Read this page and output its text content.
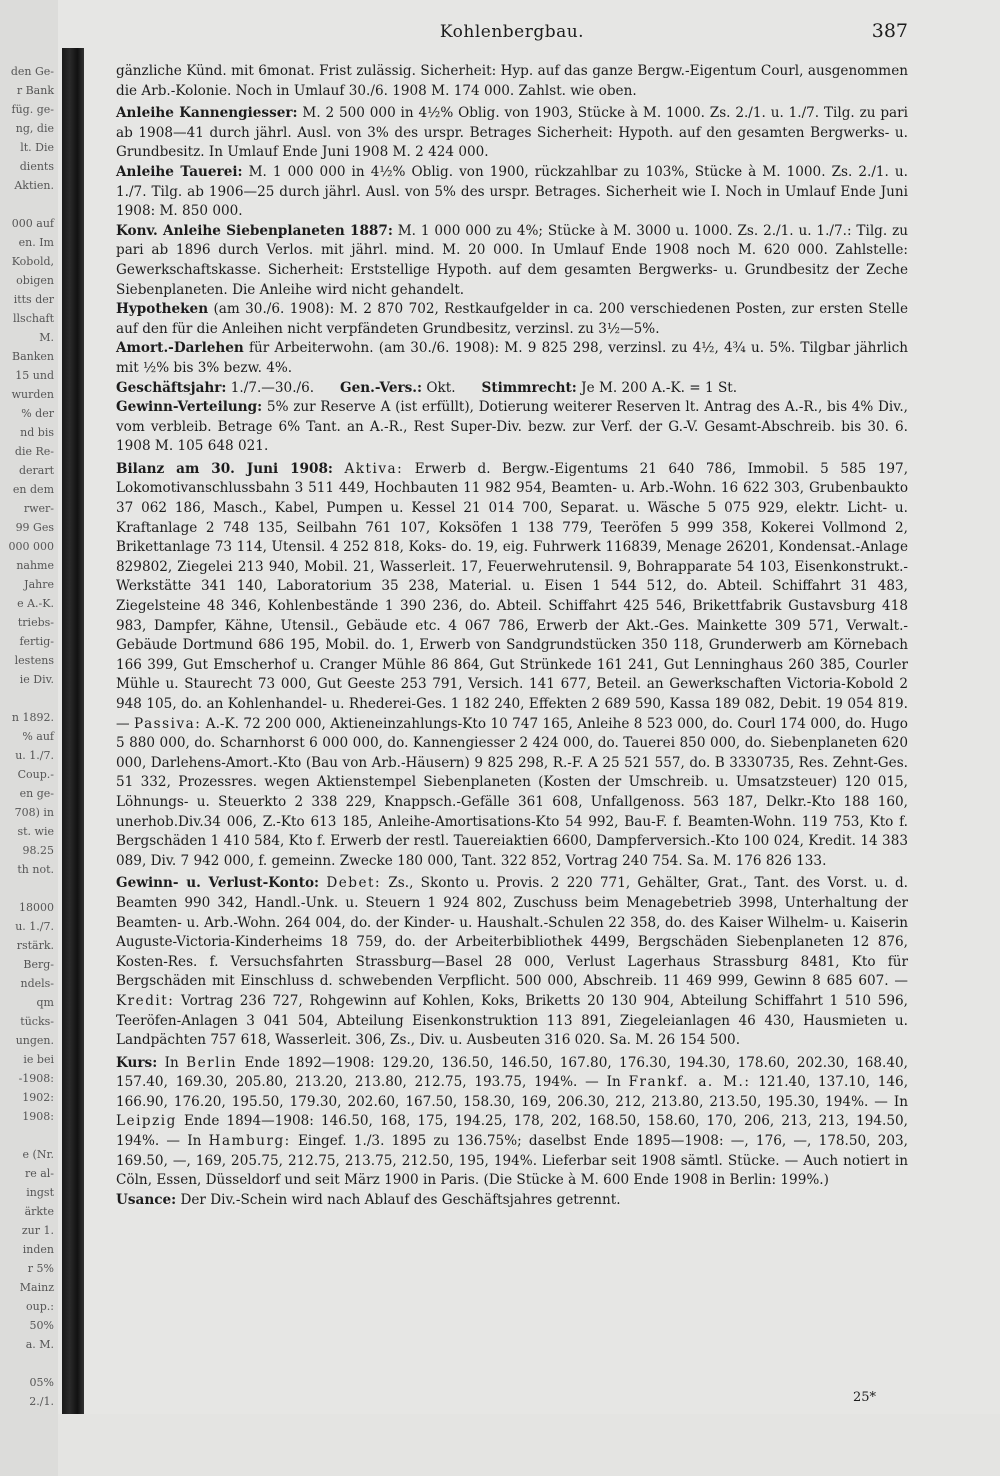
den Ge-
r Bank
füg. ge-
ng, die
lt. Die
dients
Aktien.

000 auf
en. Im
Kobold,
obigen
itts der
llschaft
M.
Banken
15 und
wurden
% der
nd bis
die Re-
derart
en dem
rwer-
99 Ges
000 000
nahme
Jahre
e A.-K.
triebs-
fertig-
lestens
ie Div.

n 1892.
% auf
u. 1./7.
Coup.-
en ge-
708) in
st. wie
98.25
th not.

18000
u. 1./7.
rstärk.
Berg-
ndels-
qm
tücks-
ungen.
ie bei
-1908:
1902:
1908:

e (Nr.
re al-
ingst
ärkte
zur 1.
inden
r 5%
Mainz
oup.:
50%
a. M.

05%
2./1.
Kohlenbergbau.	387

gänzliche Künd. mit 6monat. Frist zulässig. Sicherheit: Hyp. auf das ganze Bergw.-Eigentum Courl, ausgenommen die Arb.-Kolonie. Noch in Umlauf 30./6. 1908 M. 174 000. Zahlst. wie oben.

Anleihe Kannengiesser: M. 2 500 000 in 4½% Oblig. von 1903, Stücke à M. 1000. Zs. 2./1. u. 1./7. Tilg. zu pari ab 1908—41 durch jährl. Ausl. von 3% des urspr. Betrages Sicherheit: Hypoth. auf den gesamten Bergwerks- u. Grundbesitz. In Umlauf Ende Juni 1908 M. 2 424 000.

Anleihe Tauerei: M. 1 000 000 in 4½% Oblig. von 1900, rückzahlbar zu 103%, Stücke à M. 1000. Zs. 2./1. u. 1./7. Tilg. ab 1906—25 durch jährl. Ausl. von 5% des urspr. Betrages. Sicherheit wie I. Noch in Umlauf Ende Juni 1908: M. 850 000.

Konv. Anleihe Siebenplaneten 1887: M. 1 000 000 zu 4%; Stücke à M. 3000 u. 1000. Zs. 2./1. u. 1./7.: Tilg. zu pari ab 1896 durch Verlos. mit jährl. mind. M. 20 000. In Umlauf Ende 1908 noch M. 620 000. Zahlstelle: Gewerkschaftskasse. Sicherheit: Erststellige Hypoth. auf dem gesamten Bergwerks- u. Grundbesitz der Zeche Siebenplaneten. Die Anleihe wird nicht gehandelt.

Hypotheken (am 30./6. 1908): M. 2 870 702, Restkaufgelder in ca. 200 verschiedenen Posten, zur ersten Stelle auf den für die Anleihen nicht verpfändeten Grundbesitz, verzinsl. zu 3½—5%.

Amort.-Darlehen für Arbeiterwohn. (am 30./6. 1908): M. 9 825 298, verzinsl. zu 4½, 4¾ u. 5%. Tilgbar jährlich mit ½% bis 3% bezw. 4%.

Geschäftsjahr: 1./7.—30./6. Gen.-Vers.: Okt. Stimmrecht: Je M. 200 A.-K. = 1 St.

Gewinn-Verteilung: 5% zur Reserve A (ist erfüllt), Dotierung weiterer Reserven lt. Antrag des A.-R., bis 4% Div., vom verbleib. Betrage 6% Tant. an A.-R., Rest Super-Div. bezw. zur Verf. der G.-V. Gesamt-Abschreib. bis 30. 6. 1908 M. 105 648 021.

Bilanz am 30. Juni 1908: Aktiva: Erwerb d. Bergw.-Eigentums 21 640 786, Immobil. 5 585 197, Lokomotivanschlussbahn 3 511 449, Hochbauten 11 982 954, Beamten- u. Arb.-Wohn. 16 622 303, Grubenbaukto 37 062 186, Masch., Kabel, Pumpen u. Kessel 21 014 700, Separat. u. Wäsche 5 075 929, elektr. Licht- u. Kraftanlage 2 748 135, Seilbahn 761 107, Koksöfen 1 138 779, Teeröfen 5 999 358, Kokerei Vollmond 2, Brikettanlage 73 114, Utensil. 4 252 818, Koks- do. 19, eig. Fuhrwerk 116839, Menage 26201, Kondensat.-Anlage 829802, Ziegelei 213 940, Mobil. 21, Wasserleit. 17, Feuerwehrutensil. 9, Bohrapparate 54 103, Eisenkonstrukt.-Werkstätte 341 140, Laboratorium 35 238, Material. u. Eisen 1 544 512, do. Abteil. Schiffahrt 31 483, Ziegelsteine 48 346, Kohlenbestände 1 390 236, do. Abteil. Schiffahrt 425 546, Brikettfabrik Gustavsburg 418 983, Dampfer, Kähne, Utensil., Gebäude etc. 4 067 786, Erwerb der Akt.-Ges. Mainkette 309 571, Verwalt.-Gebäude Dortmund 686 195, Mobil. do. 1, Erwerb von Sandgrundstücken 350 118, Grunderwerb am Körnebach 166 399, Gut Emscherhof u. Cranger Mühle 86 864, Gut Strünkede 161 241, Gut Lenninghaus 260 385, Courler Mühle u. Staurecht 73 000, Gut Geeste 253 791, Versich. 141 677, Beteil. an Gewerkschaften Victoria-Kobold 2 948 105, do. an Kohlenhandel- u. Rhederei-Ges. 1 182 240, Effekten 2 689 590, Kassa 189 082, Debit. 19 054 819. — Passiva: A.-K. 72 200 000, Aktieneinzahlungs-Kto 10 747 165, Anleihe 8 523 000, do. Courl 174 000, do. Hugo 5 880 000, do. Scharnhorst 6 000 000, do. Kannengiesser 2 424 000, do. Tauerei 850 000, do. Siebenplaneten 620 000, Darlehens-Amort.-Kto (Bau von Arb.-Häusern) 9 825 298, R.-F. A 25 521 557, do. B 3330735, Res. Zehnt-Ges. 51 332, Prozessres. wegen Aktienstempel Siebenplaneten (Kosten der Umschreib. u. Umsatzsteuer) 120 015, Löhnungs- u. Steuerkto 2 338 229, Knappsch.-Gefälle 361 608, Unfallgenoss. 563 187, Delkr.-Kto 188 160, unerhob.Div.34 006, Z.-Kto 613 185, Anleihe-Amortisations-Kto 54 992, Bau-F. f. Beamten-Wohn. 119 753, Kto f. Bergschäden 1 410 584, Kto f. Erwerb der restl. Tauereiaktien 6600, Dampferversich.-Kto 100 024, Kredit. 14 383 089, Div. 7 942 000, f. gemeinn. Zwecke 180 000, Tant. 322 852, Vortrag 240 754. Sa. M. 176 826 133.

Gewinn- u. Verlust-Konto: Debet: Zs., Skonto u. Provis. 2 220 771, Gehälter, Grat., Tant. des Vorst. u. d. Beamten 990 342, Handl.-Unk. u. Steuern 1 924 802, Zuschuss beim Menagebetrieb 3998, Unterhaltung der Beamten- u. Arb.-Wohn. 264 004, do. der Kinder- u. Haushalt.-Schulen 22 358, do. des Kaiser Wilhelm- u. Kaiserin Auguste-Victoria-Kinderheims 18 759, do. der Arbeiterbibliothek 4499, Bergschäden Siebenplaneten 12 876, Kosten-Res. f. Versuchsfahrten Strassburg—Basel 28 000, Verlust Lagerhaus Strassburg 8481, Kto für Bergschäden mit Einschluss d. schwebenden Verpflicht. 500 000, Abschreib. 11 469 999, Gewinn 8 685 607. — Kredit: Vortrag 236 727, Rohgewinn auf Kohlen, Koks, Briketts 20 130 904, Abteilung Schiffahrt 1 510 596, Teeröfen-Anlagen 3 041 504, Abteilung Eisenkonstruktion 113 891, Ziegeleianlagen 46 430, Hausmieten u. Landpächten 757 618, Wasserleit. 306, Zs., Div. u. Ausbeuten 316 020. Sa. M. 26 154 500.

Kurs: In Berlin Ende 1892—1908: 129.20, 136.50, 146.50, 167.80, 176.30, 194.30, 178.60, 202.30, 168.40, 157.40, 169.30, 205.80, 213.20, 213.80, 212.75, 193.75, 194%. — In Frankf. a. M.: 121.40, 137.10, 146, 166.90, 176.20, 195.50, 179.30, 202.60, 167.50, 158.30, 169, 206.30, 212, 213.80, 213.50, 195.30, 194%. — In Leipzig Ende 1894—1908: 146.50, 168, 175, 194.25, 178, 202, 168.50, 158.60, 170, 206, 213, 213, 194.50, 194%. — In Hamburg: Eingef. 1./3. 1895 zu 136.75%; daselbst Ende 1895—1908: —, 176, —, 178.50, 203, 169.50, —, 169, 205.75, 212.75, 213.75, 212.50, 195, 194%. Lieferbar seit 1908 sämtl. Stücke. — Auch notiert in Cöln, Essen, Düsseldorf und seit März 1900 in Paris. (Die Stücke à M. 600 Ende 1908 in Berlin: 199%.)

Usance: Der Div.-Schein wird nach Ablauf des Geschäftsjahres getrennt.

25*
